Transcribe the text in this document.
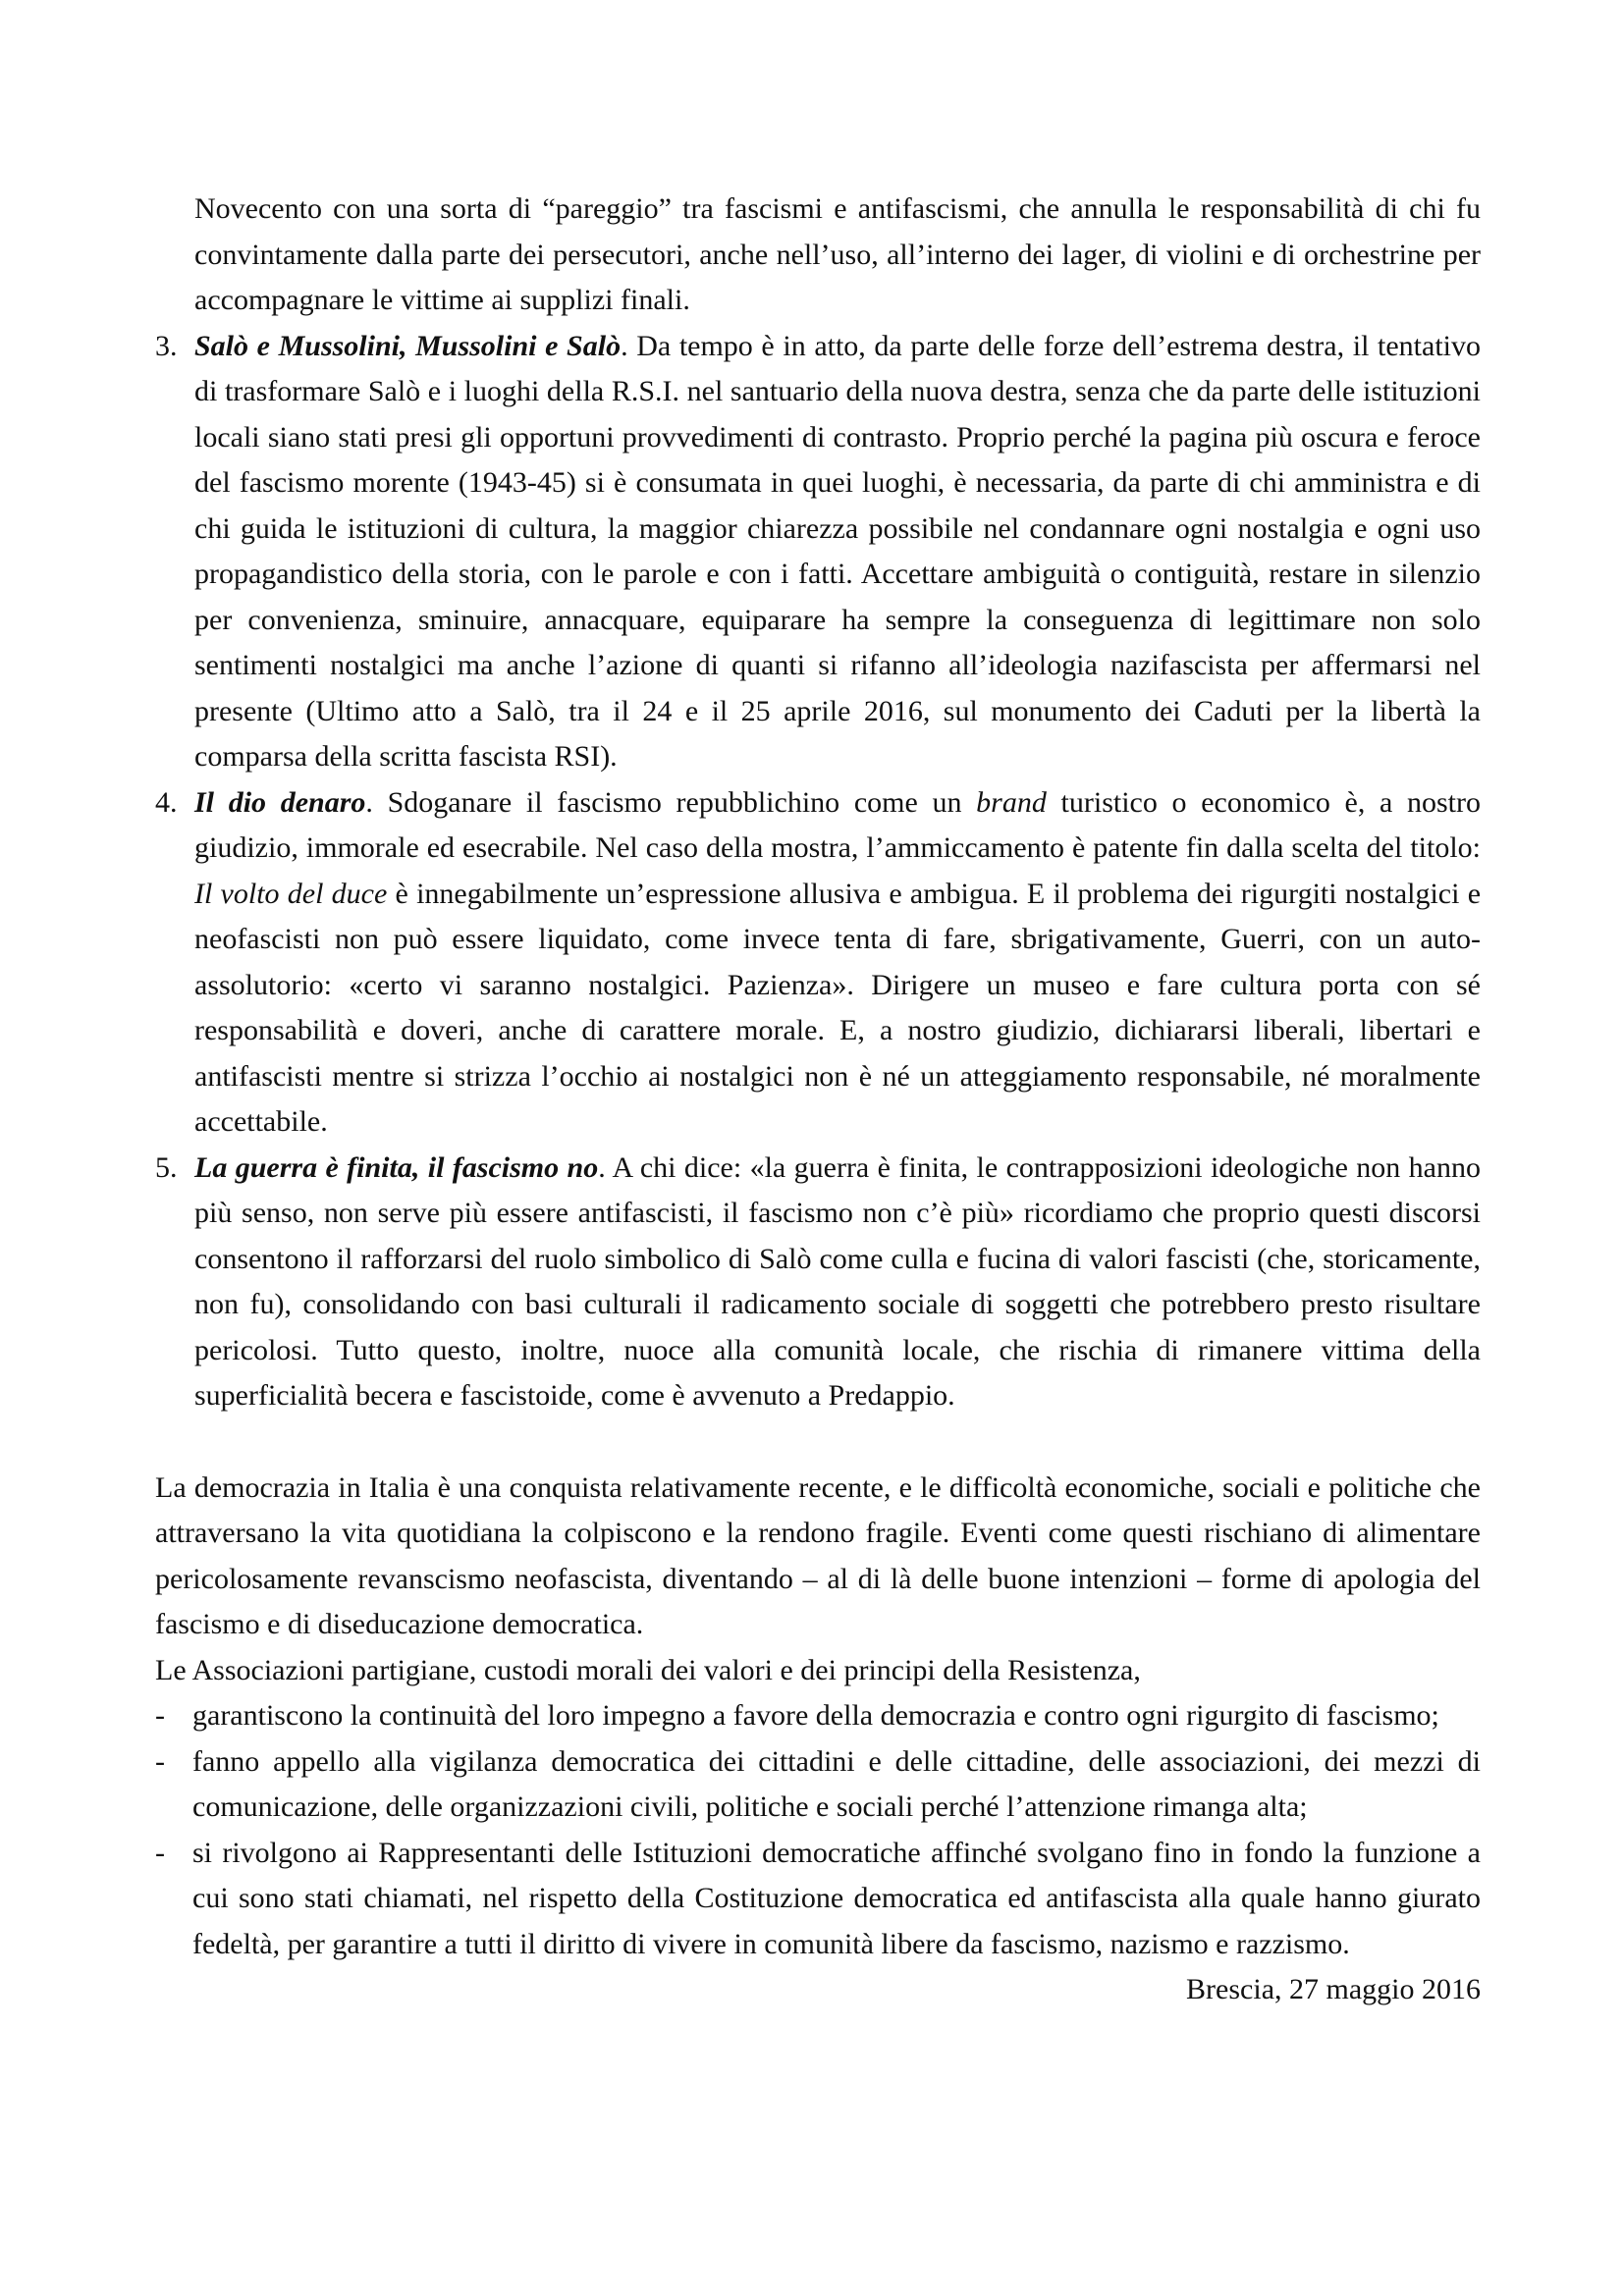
Novecento con una sorta di “pareggio” tra fascismi e antifascismi, che annulla le responsabilità di chi fu convintamente dalla parte dei persecutori, anche nell’uso, all’interno dei lager, di violini e di orchestrine per accompagnare le vittime ai supplizi finali.

3. Salò e Mussolini, Mussolini e Salò. Da tempo è in atto, da parte delle forze dell’estrema destra, il tentativo di trasformare Salò e i luoghi della R.S.I. nel santuario della nuova destra, senza che da parte delle istituzioni locali siano stati presi gli opportuni provvedimenti di contrasto. Proprio perché la pagina più oscura e feroce del fascismo morente (1943-45) si è consumata in quei luoghi, è necessaria, da parte di chi amministra e di chi guida le istituzioni di cultura, la maggior chiarezza possibile nel condannare ogni nostalgia e ogni uso propagandistico della storia, con le parole e con i fatti. Accettare ambiguità o contiguità, restare in silenzio per convenienza, sminuire, annacquare, equiparare ha sempre la conseguenza di legittimare non solo sentimenti nostalgici ma anche l’azione di quanti si rifanno all’ideologia nazifascista per affermarsi nel presente (Ultimo atto a Salò, tra il 24 e il 25 aprile 2016, sul monumento dei Caduti per la libertà la comparsa della scritta fascista RSI).

4. Il dio denaro. Sdoganare il fascismo repubblichino come un brand turistico o economico è, a nostro giudizio, immorale ed esecrabile. Nel caso della mostra, l’ammiccamento è patente fin dalla scelta del titolo: Il volto del duce è innegabilmente un’espressione allusiva e ambigua. E il problema dei rigurgiti nostalgici e neofascisti non può essere liquidato, come invece tenta di fare, sbrigativamente, Guerri, con un auto-assolutorio: «certo vi saranno nostalgici. Pazienza». Dirigere un museo e fare cultura porta con sé responsabilità e doveri, anche di carattere morale. E, a nostro giudizio, dichiararsi liberali, libertari e antifascisti mentre si strizza l’occhio ai nostalgici non è né un atteggiamento responsabile, né moralmente accettabile.

5. La guerra è finita, il fascismo no. A chi dice: «la guerra è finita, le contrapposizioni ideologiche non hanno più senso, non serve più essere antifascisti, il fascismo non c’è più» ricordiamo che proprio questi discorsi consentono il rafforzarsi del ruolo simbolico di Salò come culla e fucina di valori fascisti (che, storicamente, non fu), consolidando con basi culturali il radicamento sociale di soggetti che potrebbero presto risultare pericolosi. Tutto questo, inoltre, nuoce alla comunità locale, che rischia di rimanere vittima della superficialità becera e fascistoide, come è avvenuto a Predappio.

La democrazia in Italia è una conquista relativamente recente, e le difficoltà economiche, sociali e politiche che attraversano la vita quotidiana la colpiscono e la rendono fragile. Eventi come questi rischiano di alimentare pericolosamente revanscismo neofascista, diventando – al di là delle buone intenzioni – forme di apologia del fascismo e di diseducazione democratica.

Le Associazioni partigiane, custodi morali dei valori e dei principi della Resistenza,

- garantiscono la continuità del loro impegno a favore della democrazia e contro ogni rigurgito di fascismo;

- fanno appello alla vigilanza democratica dei cittadini e delle cittadine, delle associazioni, dei mezzi di comunicazione, delle organizzazioni civili, politiche e sociali perché l’attenzione rimanga alta;

- si rivolgono ai Rappresentanti delle Istituzioni democratiche affinché svolgano fino in fondo la funzione a cui sono stati chiamati, nel rispetto della Costituzione democratica ed antifascista alla quale hanno giurato fedeltà, per garantire a tutti il diritto di vivere in comunità libere da fascismo, nazismo e razzismo.

Brescia, 27 maggio 2016
